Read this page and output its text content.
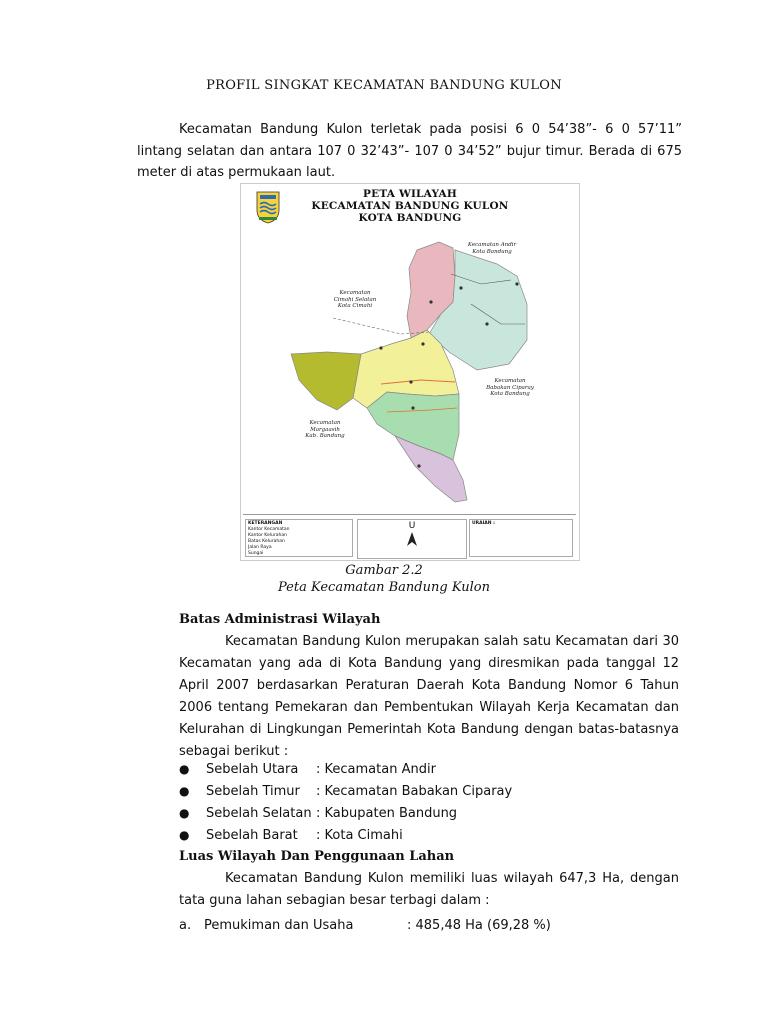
PROFIL SINGKAT KECAMATAN BANDUNG KULON
Kecamatan Bandung Kulon terletak pada posisi 6 0 54’38”- 6 0 57’11” lintang selatan dan antara 107 0 32’43”- 107 0 34’52” bujur timur. Berada di 675 meter di atas permukaan laut.
PETA WILAYAH
KECAMATAN BANDUNG KULON
KOTA BANDUNG
Kecamatan Andir
Kota Bandung
Kecamatan
Cimahi Selatan
Kota Cimahi
Kecamatan
Babakan Ciparay
Kota Bandung
Kecamatan
Margaasih
Kab. Bandung
KETERANGAN
Kantor Kecamatan
Kantor Kelurahan
Batas Kelurahan
Jalan Raya
Sungai
U	URAIAN :
Gambar 2.2
Peta Kecamatan Bandung Kulon
Batas Administrasi Wilayah
Kecamatan Bandung Kulon merupakan salah satu Kecamatan dari 30 Kecamatan yang ada di Kota Bandung yang diresmikan pada tanggal 12 April 2007 berdasarkan Peraturan Daerah Kota Bandung Nomor 6 Tahun 2006 tentang Pemekaran dan Pembentukan Wilayah Kerja Kecamatan dan Kelurahan di Lingkungan Pemerintah Kota Bandung dengan batas-batasnya sebagai berikut :
●	Sebelah Utara	: Kecamatan Andir
●	Sebelah Timur	: Kecamatan Babakan Ciparay
●	Sebelah Selatan : Kabupaten Bandung
●	Sebelah Barat	: Kota Cimahi
Luas Wilayah Dan Penggunaan Lahan
Kecamatan Bandung Kulon memiliki luas wilayah 647,3 Ha, dengan tata guna lahan sebagian besar terbagi dalam :
a. Pemukiman dan Usaha	: 485,48 Ha (69,28 %)
